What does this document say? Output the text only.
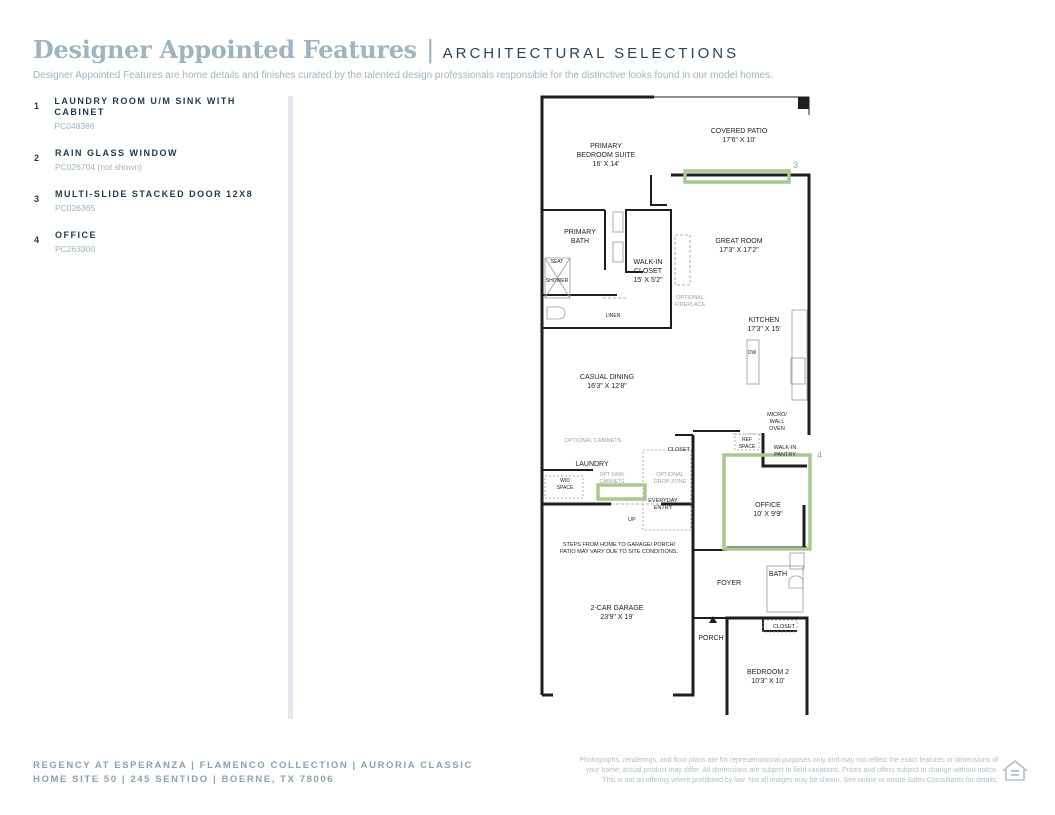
Designer Appointed Features | ARCHITECTURAL SELECTIONS
Designer Appointed Features are home details and finishes curated by the talented design professionals responsible for the distinctive looks found in our model homes.
1	LAUNDRY ROOM U/M SINK WITH CABINET
PC048386
2	RAIN GLASS WINDOW
PC026704 (not shown)
3	MULTI-SLIDE STACKED DOOR 12X8
PC026365
4	OFFICE
PC263300
COVERED PATIO
17'6" X 10'
PRIMARY
BEDROOM SUITE
16' X 14'
PRIMARY
BATH
SEAT
SHOWER
WALK-IN
CLOSET
15' X 5'2"
LINEN
GREAT ROOM
17'3" X 17'2"
OPTIONAL
FIREPLACE
KITCHEN
17'3" X 15'
DW
MICRO/
WALL
OVEN
CASUAL DINING
16'3" X 12'8"
OPTIONAL CABINETS
CLOSET
REF
SPACE	WALK-IN
PANTRY
LAUNDRY
W/D
SPACE
OPT SINK/
CABINETS
OPTIONAL
DROP ZONE
EVERYDAY
ENTRY
UP
OFFICE
10' X 9'9"
STEPS FROM HOME TO GARAGE/ PORCH/
PATIO MAY VARY DUE TO SITE CONDITIONS.
2-CAR GARAGE
23'9" X 19'
FOYER
BATH
PORCH
CLOSET
BEDROOM 2
10'3" X 10'
3
4
REGENCY AT ESPERANZA | FLAMENCO COLLECTION | AURORIA CLASSIC
HOME SITE 50 | 245 SENTIDO | BOERNE, TX 78006
Photographs, renderings, and floor plans are for representational purposes only and may not reflect the exact features or dimensions of
your home; actual product may differ. All dimensions are subject to field variations. Prices and offers subject to change without notice.
This is not an offering where prohibited by law. Not all images may be shown. See online or onsite Sales Consultants for details.
